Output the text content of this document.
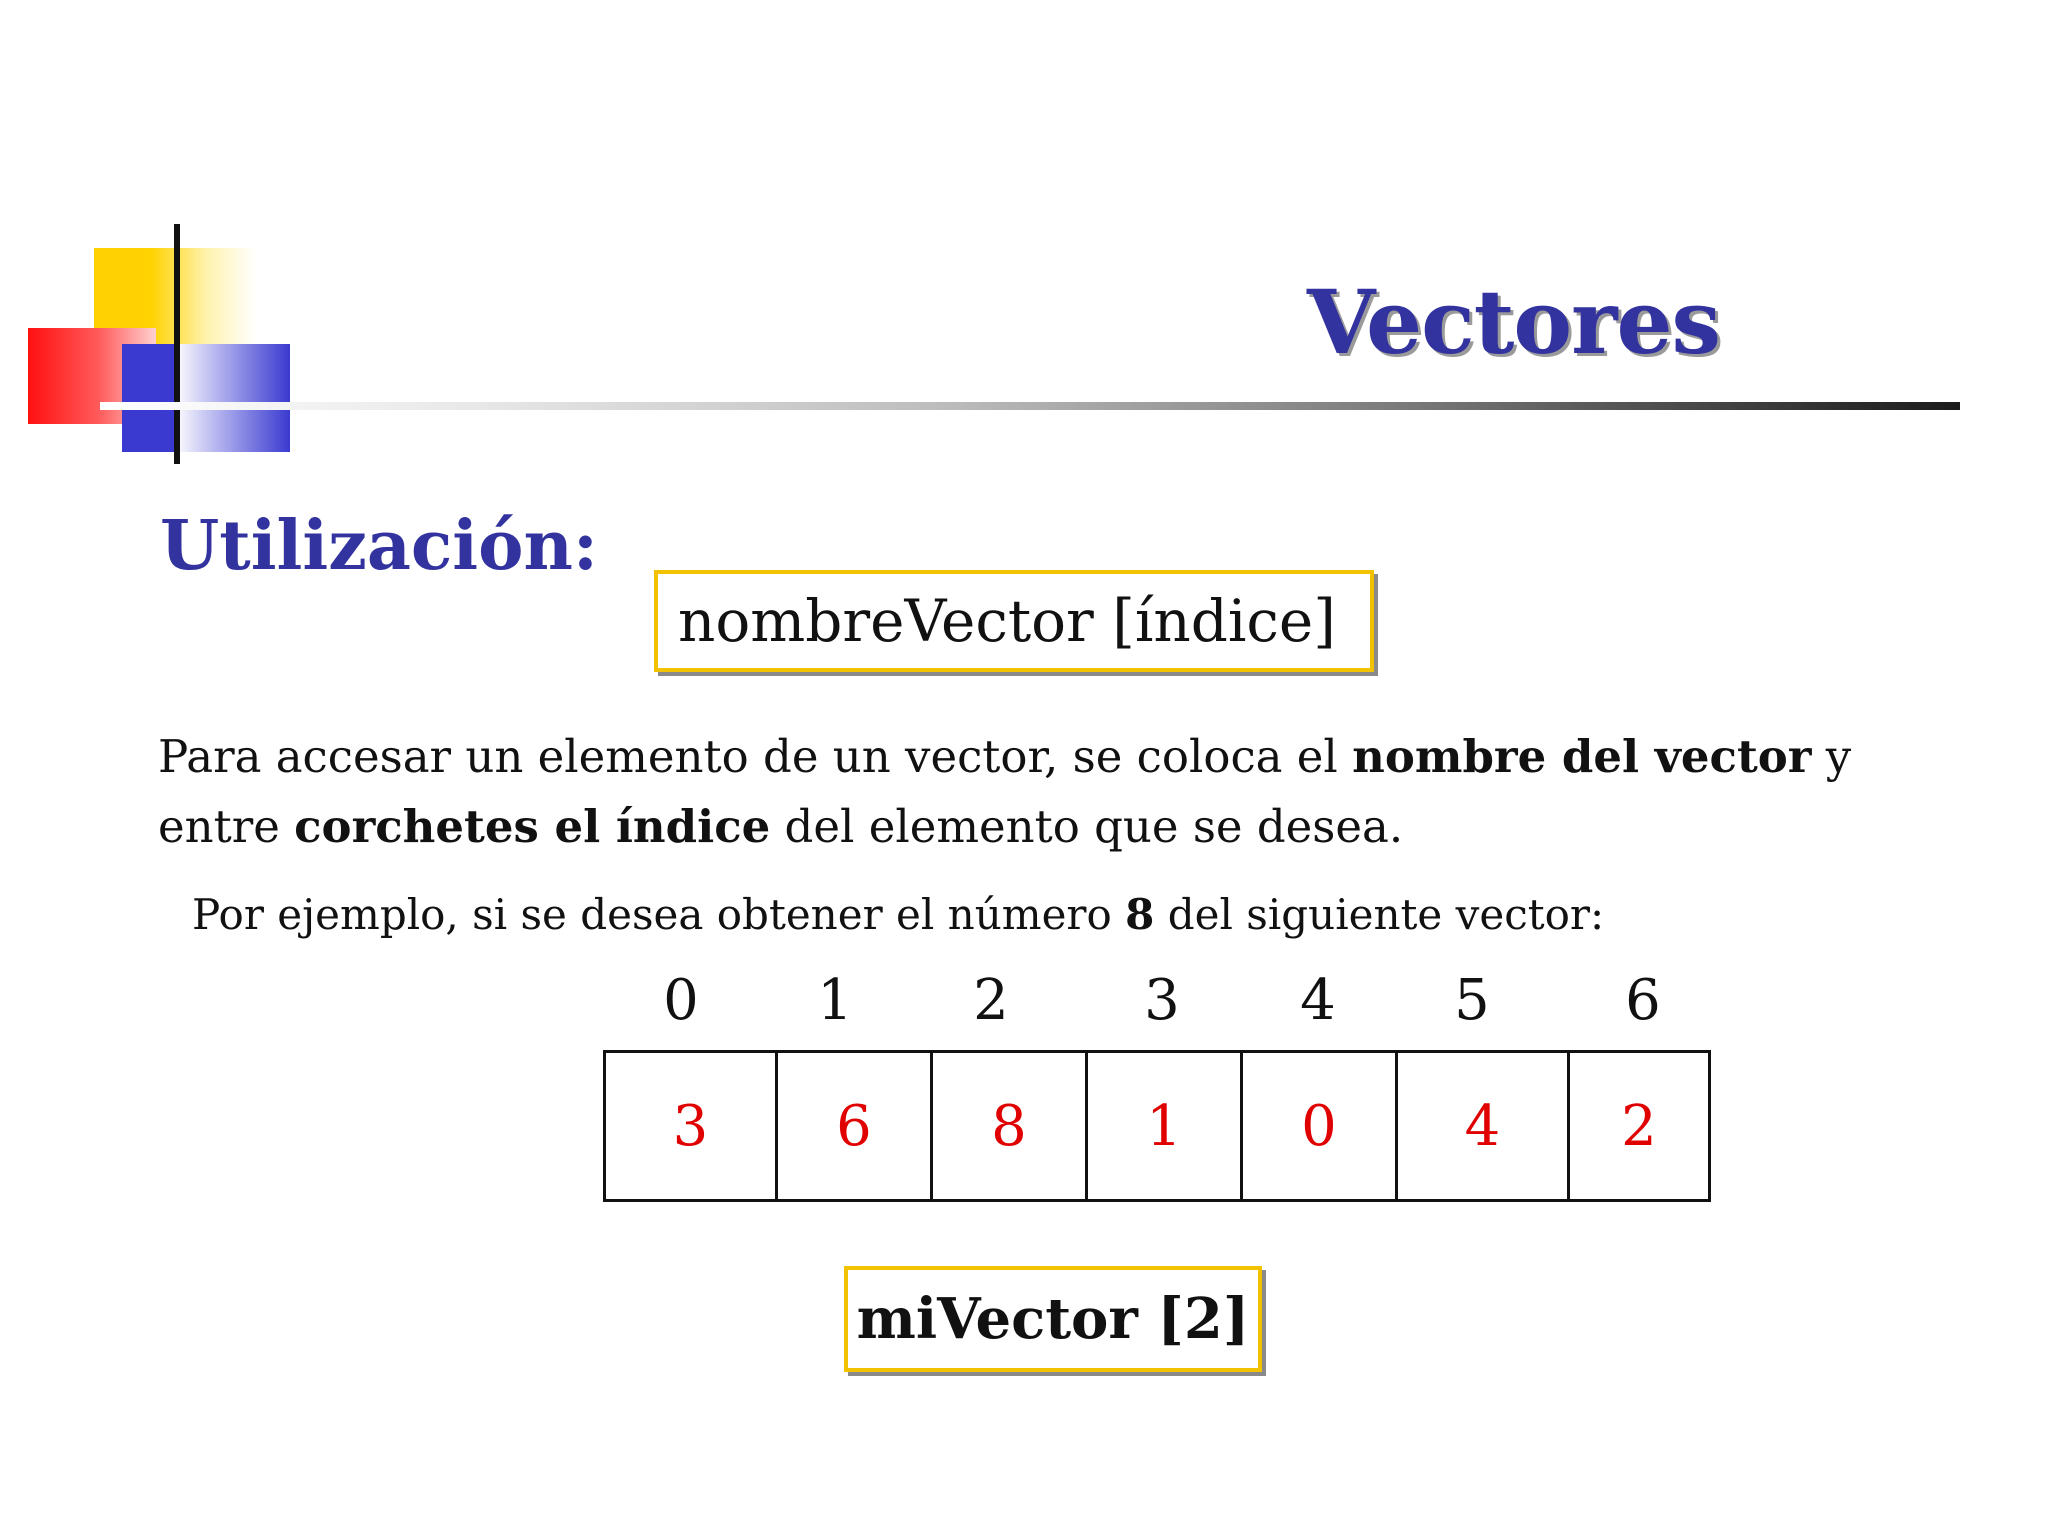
Vectores
Utilización:
nombreVector [índice]
Para accesar un elemento de un vector, se coloca el nombre del vector y
entre corchetes el índice del elemento que se desea.
Por ejemplo, si se desea obtener el número 8 del siguiente vector:
0 1 2 3 4 5 6
3	6	8	1	0	4	2
miVector [2]
